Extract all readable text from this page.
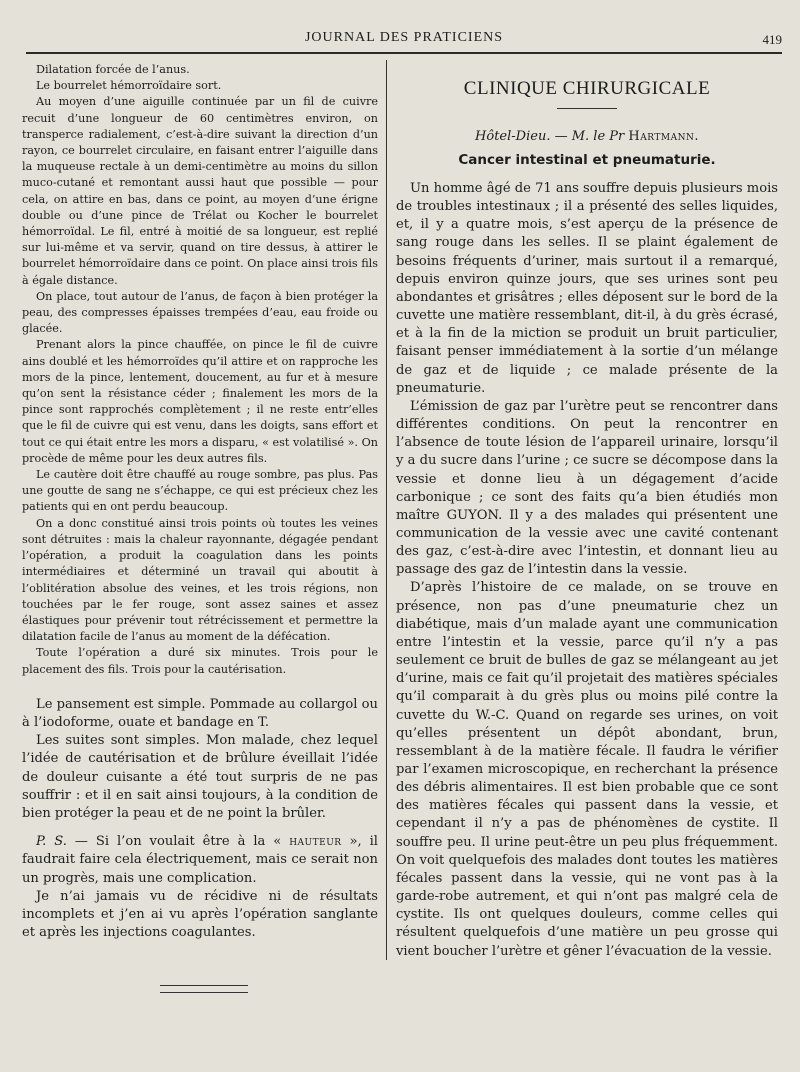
JOURNAL DES PRATICIENS	419

Dilatation forcée de l’anus.

Le bourrelet hémorroïdaire sort.

Au moyen d’une aiguille continuée par un fil de cuivre recuit d’une longueur de 60 centimètres environ, on transperce radialement, c’est-à-dire suivant la direction d’un rayon, ce bourrelet circulaire, en faisant entrer l’aiguille dans la muqueuse rectale à un demi-centimètre au moins du sillon muco-cutané et remontant aussi haut que possible — pour cela, on attire en bas, dans ce point, au moyen d’une érigne double ou d’une pince de Trélat ou Kocher le bourrelet hémorroïdal. Le fil, entré à moitié de sa longueur, est replié sur lui-même et va servir, quand on tire dessus, à attirer le bourrelet hémorroïdaire dans ce point. On place ainsi trois fils à égale distance.

On place, tout autour de l’anus, de façon à bien protéger la peau, des compresses épaisses trempées d’eau, eau froide ou glacée.

Prenant alors la pince chauffée, on pince le fil de cuivre ains doublé et les hémorroïdes qu’il attire et on rapproche les mors de la pince, lentement, doucement, au fur et à mesure qu’on sent la résistance céder ; finalement les mors de la pince sont rapprochés complètement ; il ne reste entr’elles que le fil de cuivre qui est venu, dans les doigts, sans effort et tout ce qui était entre les mors a disparu, « est volatilisé ». On procède de même pour les deux autres fils.

Le cautère doit être chauffé au rouge sombre, pas plus. Pas une goutte de sang ne s’échappe, ce qui est précieux chez les patients qui en ont perdu beaucoup.

On a donc constitué ainsi trois points où toutes les veines sont détruites : mais la chaleur rayonnante, dégagée pendant l’opération, a produit la coagulation dans les points intermédiaires et déterminé un travail qui aboutit à l’oblitération absolue des veines, et les trois régions, non touchées par le fer rouge, sont assez saines et assez élastiques pour prévenir tout rétrécissement et permettre la dilatation facile de l’anus au moment de la défécation.

Toute l’opération a duré six minutes. Trois pour le placement des fils. Trois pour la cautérisation.

Le pansement est simple. Pommade au collargol ou à l’iodoforme, ouate et bandage en T.

Les suites sont simples. Mon malade, chez lequel l’idée de cautérisation et de brûlure éveillait l’idée de douleur cuisante a été tout surpris de ne pas souffrir : et il en sait ainsi toujours, à la condition de bien protéger la peau et de ne point la brûler.

P. S. — Si l’on voulait être à la « hauteur », il faudrait faire cela électriquement, mais ce serait non un progrès, mais une complication.

Je n’ai jamais vu de récidive ni de résultats incomplets et j’en ai vu après l’opération sanglante et après les injections coagulantes.

CLINIQUE CHIRURGICALE
Hôtel-Dieu. — M. le Pr Hartmann.
Cancer intestinal et pneumaturie.

Un homme âgé de 71 ans souffre depuis plusieurs mois de troubles intestinaux ; il a présenté des selles liquides, et, il y a quatre mois, s’est aperçu de la présence de sang rouge dans les selles. Il se plaint également de besoins fréquents d’uriner, mais surtout il a remarqué, depuis environ quinze jours, que ses urines sont peu abondantes et grisâtres ; elles déposent sur le bord de la cuvette une matière ressemblant, dit-il, à du grès écrasé, et à la fin de la miction se produit un bruit particulier, faisant penser immédiatement à la sortie d’un mélange de gaz et de liquide ; ce malade présente de la pneumaturie.

L’émission de gaz par l’urètre peut se rencontrer dans différentes conditions. On peut la rencontrer en l’absence de toute lésion de l’appareil urinaire, lorsqu’il y a du sucre dans l’urine ; ce sucre se décompose dans la vessie et donne lieu à un dégagement d’acide carbonique ; ce sont des faits qu’a bien étudiés mon maître GUYON. Il y a des malades qui présentent une communication de la vessie avec une cavité contenant des gaz, c’est-à-dire avec l’intestin, et donnant lieu au passage des gaz de l’intestin dans la vessie.

D’après l’histoire de ce malade, on se trouve en présence, non pas d’une pneumaturie chez un diabétique, mais d’un malade ayant une communication entre l’intestin et la vessie, parce qu’il n’y a pas seulement ce bruit de bulles de gaz se mélangeant au jet d’urine, mais ce fait qu’il projetait des matières spéciales qu’il comparait à du grès plus ou moins pilé contre la cuvette du W.-C. Quand on regarde ses urines, on voit qu’elles présentent un dépôt abondant, brun, ressemblant à de la matière fécale. Il faudra le vérifier par l’examen microscopique, en recherchant la présence des débris alimentaires. Il est bien probable que ce sont des matières fécales qui passent dans la vessie, et cependant il n’y a pas de phénomènes de cystite. Il souffre peu. Il urine peut-être un peu plus fréquemment. On voit quelquefois des malades dont toutes les matières fécales passent dans la vessie, qui ne vont pas à la garde-robe autrement, et qui n’ont pas malgré cela de cystite. Ils ont quelques douleurs, comme celles qui résultent quelquefois d’une matière un peu grosse qui vient boucher l’urètre et gêner l’évacuation de la vessie.
